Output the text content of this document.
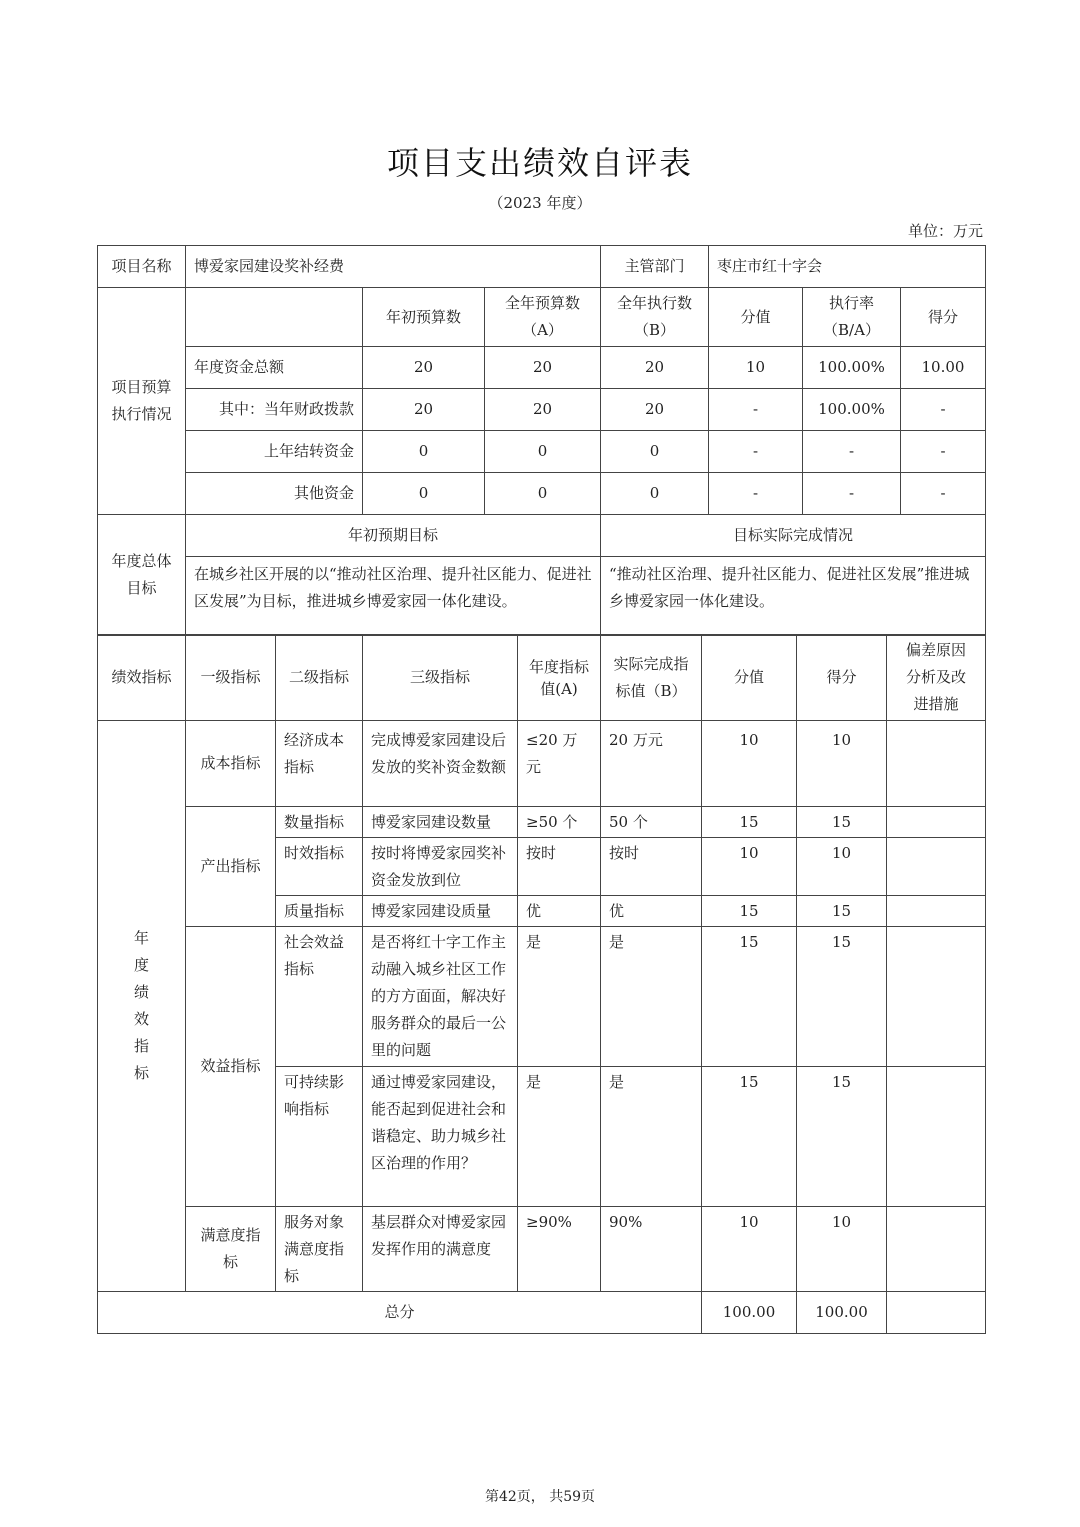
项目支出绩效自评表
（2023 年度）
单位：万元
项目名称	博爱家园建设奖补经费			主管部门	枣庄市红十字会		
项目预算执行情况		年初预算数	全年预算数（A）	全年执行数（B）	分值	执行率（B/A）	得分
	年度资金总额	20	20	20	10	100.00%	10.00
	其中：当年财政拨款	20	20	20	-	100.00%	-
	上年结转资金	0	0	0	-	-	-
	其他资金	0	0	0	-	-	-
年度总体目标	年初预期目标			目标实际完成情况			
	在城乡社区开展的以“推动社区治理、提升社区能力、促进社区发展”为目标，推进城乡博爱家园一体化建设。			“推动社区治理、提升社区能力、促进社区发展”推进城乡博爱家园一体化建设。			
绩效指标	一级指标	二级指标	三级指标	年度指标值(A)	实际完成指标值（B）	分值	得分	偏差原因分析及改进措施
年度绩效指标	成本指标	经济成本指标	完成博爱家园建设后发放的奖补资金数额	≤20 万元	20 万元	10	10	
	产出指标	数量指标	博爱家园建设数量	≥50 个	50 个	15	15	
		时效指标	按时将博爱家园奖补资金发放到位	按时	按时	10	10	
		质量指标	博爱家园建设质量	优	优	15	15	
	效益指标	社会效益指标	是否将红十字工作主动融入城乡社区工作的方方面面，解决好服务群众的最后一公里的问题	是	是	15	15	
		可持续影响指标	通过博爱家园建设，能否起到促进社会和谐稳定、助力城乡社区治理的作用？	是	是	15	15	
	满意度指标	服务对象满意度指标	基层群众对博爱家园发挥作用的满意度	≥90%	90%	10	10	

总分						100.00	100.00	
第42页， 共59页
